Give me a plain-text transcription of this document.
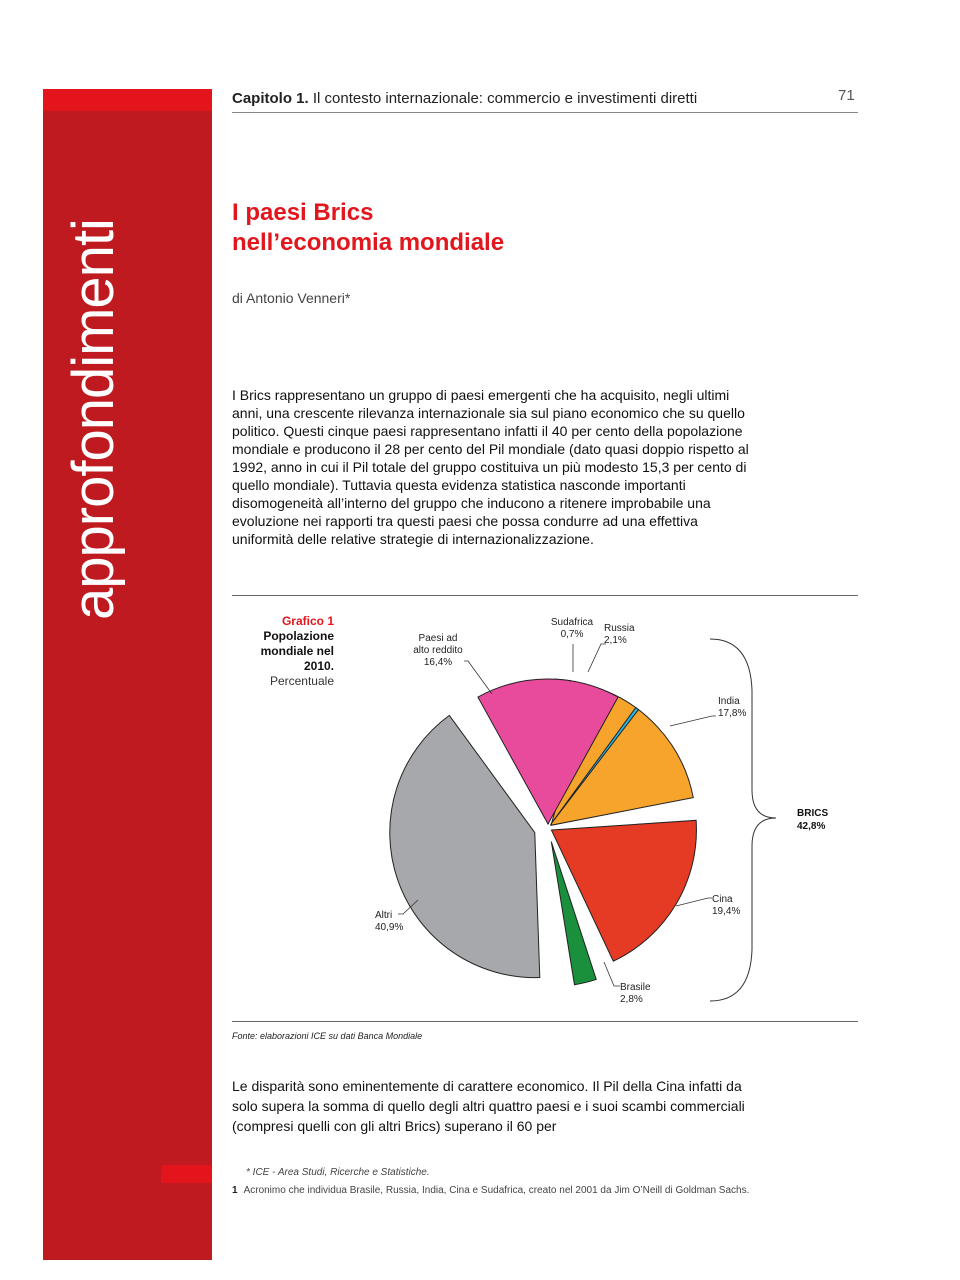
approfondimenti
Capitolo 1. Il contesto internazionale: commercio e investimenti diretti	71
I paesi Brics
nell’economia mondiale
di Antonio Venneri*

I Brics rappresentano un gruppo di paesi emergenti che ha acquisito, negli ultimi anni, una crescente rilevanza internazionale sia sul piano economico che su quello politico. Questi cinque paesi rappresentano infatti il 40 per cento della popolazione mondiale e producono il 28 per cento del Pil mondiale (dato quasi doppio rispetto al 1992, anno in cui il Pil totale del gruppo costituiva un più modesto 15,3 per cento di quello mondiale). Tuttavia questa evidenza statistica nasconde importanti disomogeneità all’interno del gruppo che inducono a ritenere improbabile una evoluzione nei rapporti tra questi paesi che possa condurre ad una effettiva uniformità delle relative strategie di internazionalizzazione.

Grafico 1
Popolazione
mondiale nel
2010.
Percentuale
Russia 2,1%
India 17,8%
Cina 19,4%
Brasile 2,8%
Altri 40,9%
Paesi ad alto reddito 16,4%
Sudafrica 0,7%
BRICS
42,8%
Fonte: elaborazioni ICE su dati Banca Mondiale

Le disparità sono eminentemente di carattere economico. Il Pil della Cina infatti da solo supera la somma di quello degli altri quattro paesi e i suoi scambi commerciali (compresi quelli con gli altri Brics) superano il 60 per

* ICE - Area Studi, Ricerche e Statistiche.
1 Acronimo che individua Brasile, Russia, India, Cina e Sudafrica, creato nel 2001 da Jim O’Neill di Goldman Sachs.
